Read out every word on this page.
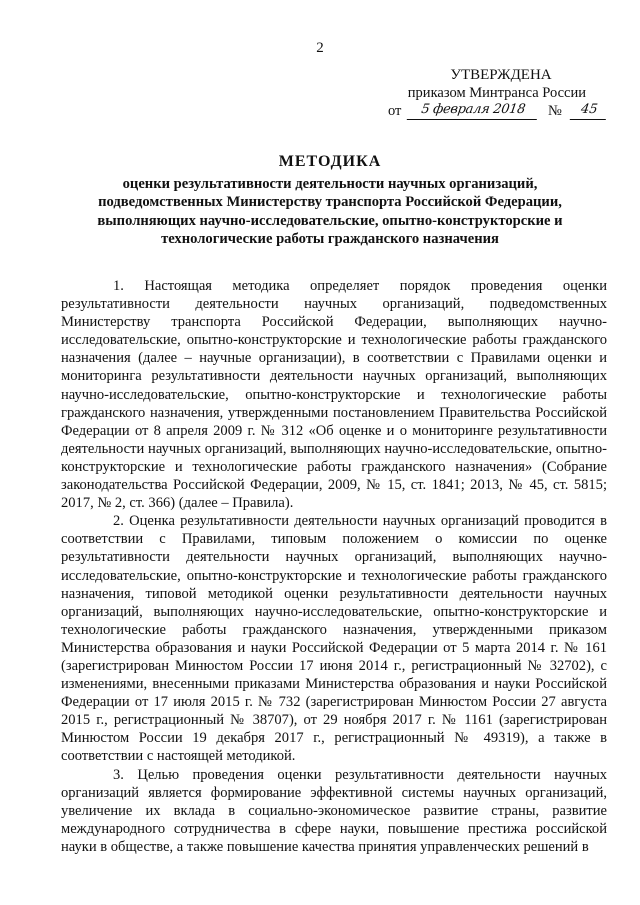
2
УТВЕРЖДЕНА
приказом Минтранса России
от	5 февраля 2018	№	45
МЕТОДИКА
оценки результативности деятельности научных организаций,
подведомственных Министерству транспорта Российской Федерации,
выполняющих научно-исследовательские, опытно-конструкторские и
технологические работы гражданского назначения

1. Настоящая методика определяет порядок проведения оценки результативности деятельности научных организаций, подведомственных Министерству транспорта Российской Федерации, выполняющих научно-исследовательские, опытно-конструкторские и технологические работы гражданского назначения (далее – научные организации), в соответствии с Правилами оценки и мониторинга результативности деятельности научных организаций, выполняющих научно-исследовательские, опытно-конструкторские и технологические работы гражданского назначения, утвержденными постановлением Правительства Российской Федерации от 8 апреля 2009 г. № 312 «Об оценке и о мониторинге результативности деятельности научных организаций, выполняющих научно-исследовательские, опытно-конструкторские и технологические работы гражданского назначения» (Собрание законодательства Российской Федерации, 2009, № 15, ст. 1841; 2013, № 45, ст. 5815; 2017, № 2, ст. 366) (далее – Правила).

2. Оценка результативности деятельности научных организаций проводится в соответствии с Правилами, типовым положением о комиссии по оценке результативности деятельности научных организаций, выполняющих научно-исследовательские, опытно-конструкторские и технологические работы гражданского назначения, типовой методикой оценки результативности деятельности научных организаций, выполняющих научно-исследовательские, опытно-конструкторские и технологические работы гражданского назначения, утвержденными приказом Министерства образования и науки Российской Федерации от 5 марта 2014 г. № 161 (зарегистрирован Минюстом России 17 июня 2014 г., регистрационный № 32702), с изменениями, внесенными приказами Министерства образования и науки Российской Федерации от 17 июля 2015 г. № 732 (зарегистрирован Минюстом России 27 августа 2015 г., регистрационный № 38707), от 29 ноября 2017 г. № 1161 (зарегистрирован Минюстом России 19 декабря 2017 г., регистрационный № 49319), а также в соответствии с настоящей методикой.

3. Целью проведения оценки результативности деятельности научных организаций является формирование эффективной системы научных организаций, увеличение их вклада в социально-экономическое развитие страны, развитие международного сотрудничества в сфере науки, повышение престижа российской науки в обществе, а также повышение качества принятия управленческих решений в
